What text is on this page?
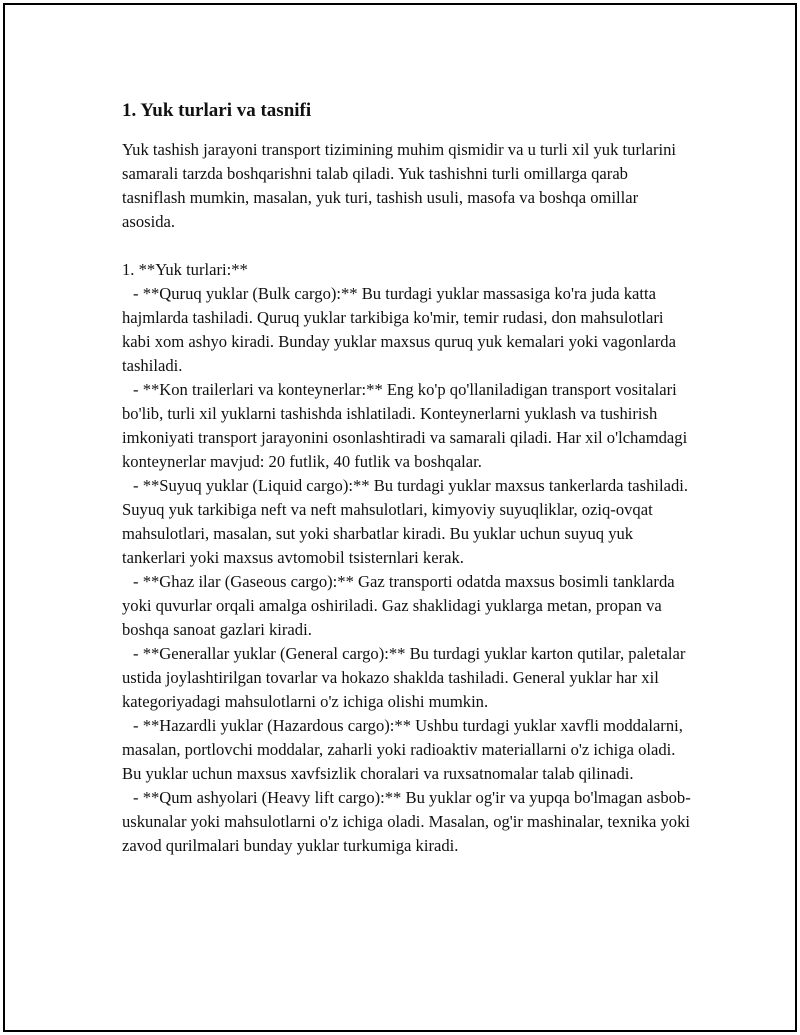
1. Yuk turlari va tasnifi

Yuk tashish jarayoni transport tizimining muhim qismidir va u turli xil yuk turlarini samarali tarzda boshqarishni talab qiladi. Yuk tashishni turli omillarga qarab tasniflash mumkin, masalan, yuk turi, tashish usuli, masofa va boshqa omillar asosida.

1. **Yuk turlari:**

- **Quruq yuklar (Bulk cargo):** Bu turdagi yuklar massasiga ko'ra juda katta hajmlarda tashiladi. Quruq yuklar tarkibiga ko'mir, temir rudasi, don mahsulotlari kabi xom ashyo kiradi. Bunday yuklar maxsus quruq yuk kemalari yoki vagonlarda tashiladi.

- **Kon trailerlari va konteynerlar:** Eng ko'p qo'llaniladigan transport vositalari bo'lib, turli xil yuklarni tashishda ishlatiladi. Konteynerlarni yuklash va tushirish imkoniyati transport jarayonini osonlashtiradi va samarali qiladi. Har xil o'lchamdagi konteynerlar mavjud: 20 futlik, 40 futlik va boshqalar.

- **Suyuq yuklar (Liquid cargo):** Bu turdagi yuklar maxsus tankerlarda tashiladi. Suyuq yuk tarkibiga neft va neft mahsulotlari, kimyoviy suyuqliklar, oziq-ovqat mahsulotlari, masalan, sut yoki sharbatlar kiradi. Bu yuklar uchun suyuq yuk tankerlari yoki maxsus avtomobil tsisternlari kerak.

- **Ghaz ilar (Gaseous cargo):** Gaz transporti odatda maxsus bosimli tanklarda yoki quvurlar orqali amalga oshiriladi. Gaz shaklidagi yuklarga metan, propan va boshqa sanoat gazlari kiradi.

- **Generallar yuklar (General cargo):** Bu turdagi yuklar karton qutilar, paletalar ustida joylashtirilgan tovarlar va hokazo shaklda tashiladi. General yuklar har xil kategoriyadagi mahsulotlarni o'z ichiga olishi mumkin.

- **Hazardli yuklar (Hazardous cargo):** Ushbu turdagi yuklar xavfli moddalarni, masalan, portlovchi moddalar, zaharli yoki radioaktiv materiallarni o'z ichiga oladi. Bu yuklar uchun maxsus xavfsizlik choralari va ruxsatnomalar talab qilinadi.

- **Qum ashyolari (Heavy lift cargo):** Bu yuklar og'ir va yupqa bo'lmagan asbob-uskunalar yoki mahsulotlarni o'z ichiga oladi. Masalan, og'ir mashinalar, texnika yoki zavod qurilmalari bunday yuklar turkumiga kiradi.
